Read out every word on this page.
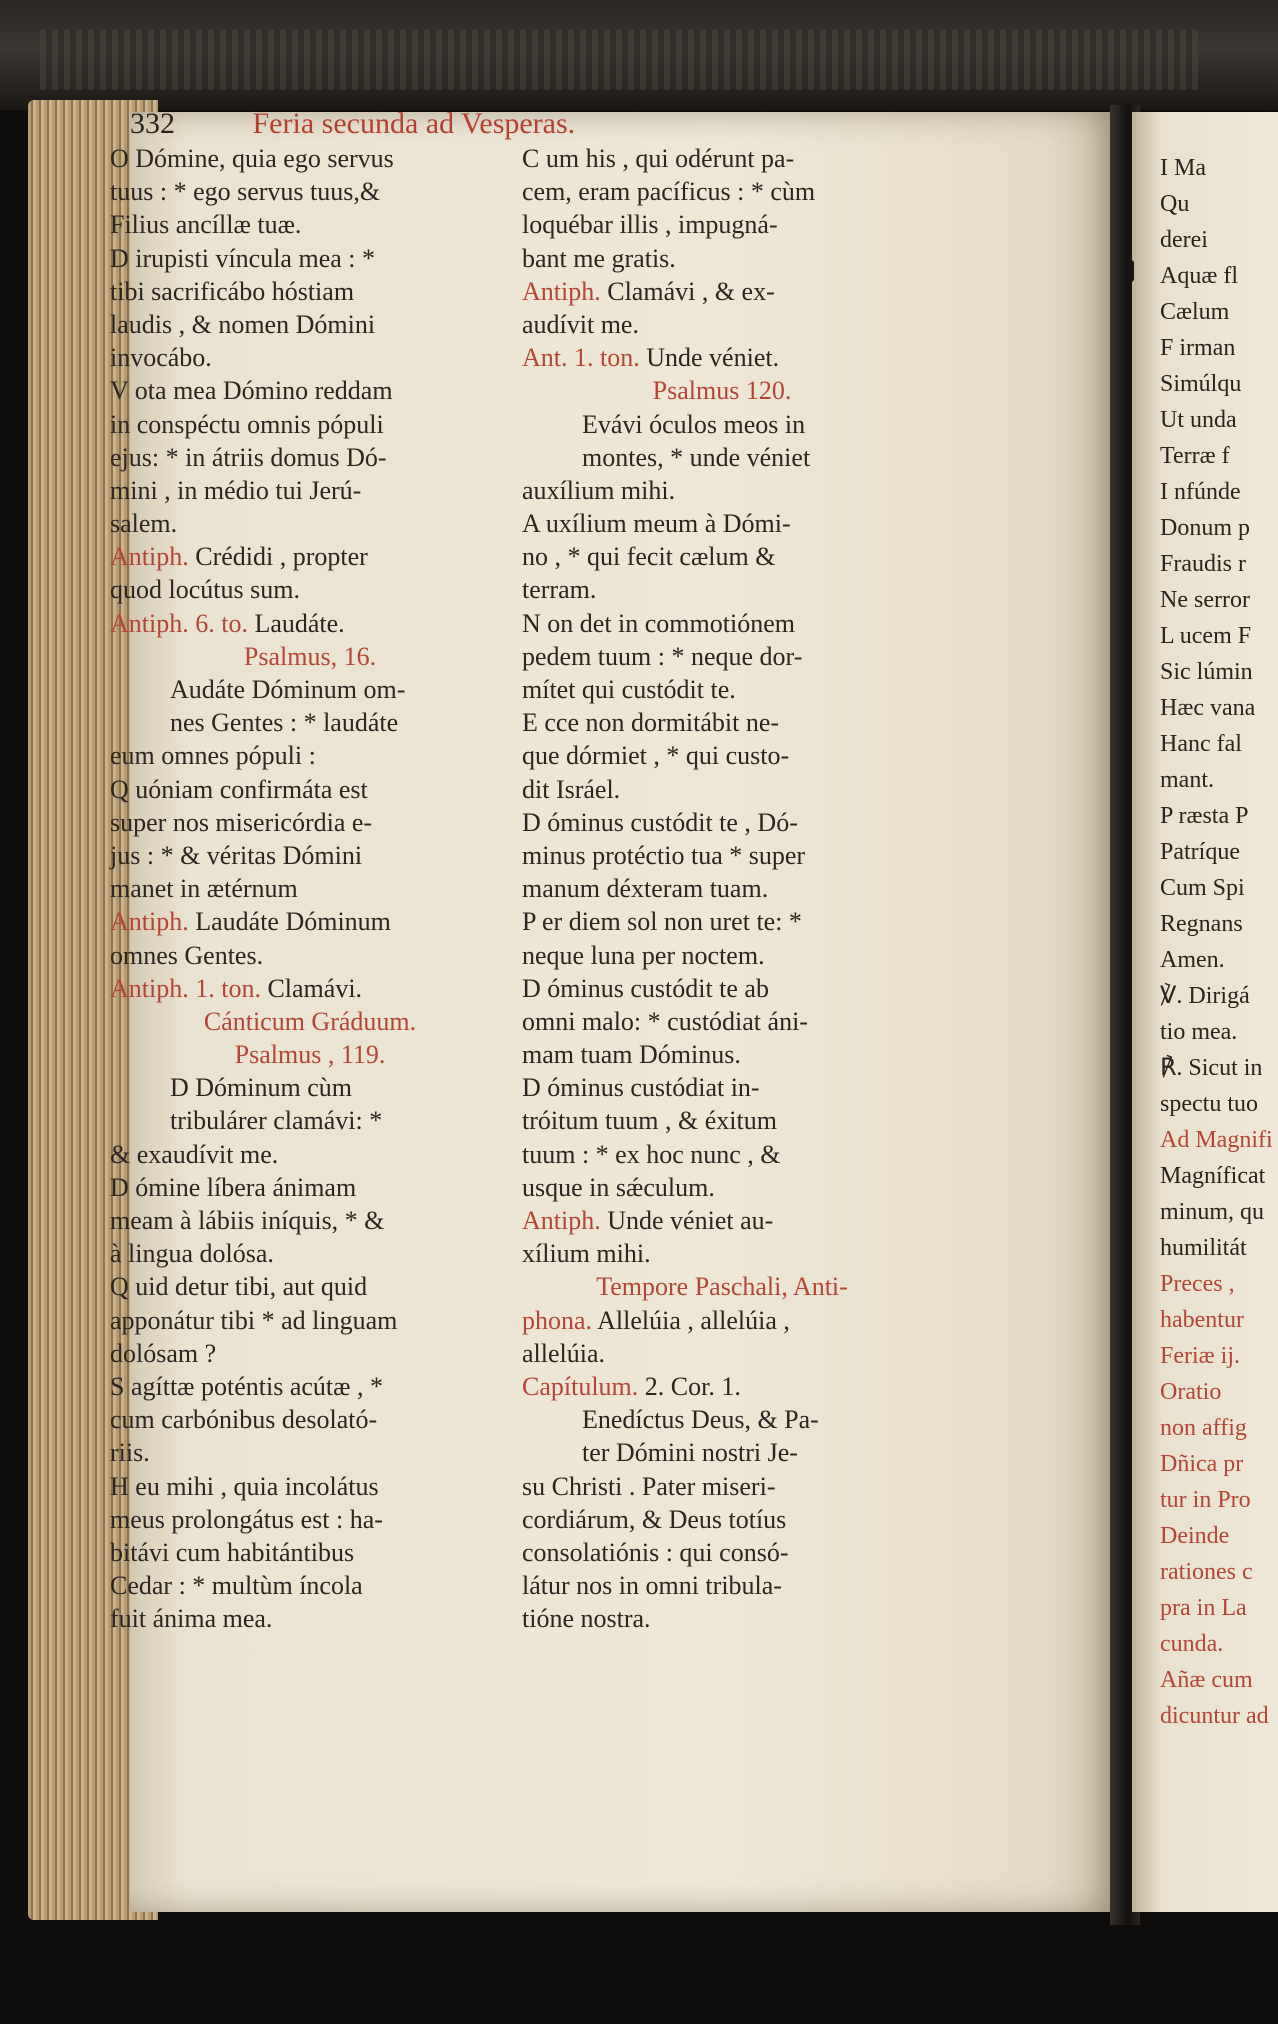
332	Feria secunda ad Vesperas.
O Dómine, quia ego servus
tuus : * ego servus tuus,&
Filius ancíllæ tuæ.
D irupisti víncula mea : *
tibi sacrificábo hóstiam
laudis , & nomen Dómini
invocábo.
V ota mea Dómino reddam
in conspéctu omnis pópuli
ejus: * in átriis domus Dó-
mini , in médio tui Jerú-
salem.
Antiph. Crédidi , propter
quod locútus sum.
Antiph. 6. to. Laudáte.
Psalmus, 16.
Audáte Dóminum om-
nes Gentes : * laudáte
eum omnes pópuli :
Q uóniam confirmáta est
super nos misericórdia e-
jus : * & véritas Dómini
manet in ætérnum
Antiph. Laudáte Dóminum
omnes Gentes.
Antiph. 1. ton. Clamávi.
Cánticum Gráduum.
Psalmus , 119.
D Dóminum cùm
tribulárer clamávi: *
& exaudívit me.
D ómine líbera ánimam
meam à lábiis iníquis, * &
à lingua dolósa.
Q uid detur tibi, aut quid
apponátur tibi * ad linguam
dolósam ?
S agíttæ poténtis acútæ , *
cum carbónibus desolató-
riis.
H eu mihi , quia incolátus
meus prolongátus est : ha-
bitávi cum habitántibus
Cedar : * multùm íncola
fuit ánima mea.
C um his , qui odérunt pa-
cem, eram pacíficus : * cùm
loquébar illis , impugná-
bant me gratis.
Antiph. Clamávi , & ex-
audívit me.
Ant. 1. ton. Unde véniet.
Psalmus 120.
Evávi óculos meos in
montes, * unde véniet
auxílium mihi.
A uxílium meum à Dómi-
no , * qui fecit cælum &
terram.
N on det in commotiónem
pedem tuum : * neque dor-
mítet qui custódit te.
E cce non dormitábit ne-
que dórmiet , * qui custo-
dit Isráel.
D óminus custódit te , Dó-
minus protéctio tua * super
manum déxteram tuam.
P er diem sol non uret te: *
neque luna per noctem.
D óminus custódit te ab
omni malo: * custódiat áni-
mam tuam Dóminus.
D óminus custódiat in-
tróitum tuum , & éxitum
tuum : * ex hoc nunc , &
usque in sǽculum.
Antiph. Unde véniet au-
xílium mihi.
Tempore Paschali, Anti-
phona. Allelúia , allelúia ,
allelúia.
Capítulum. 2. Cor. 1.
Enedíctus Deus, & Pa-
ter Dómini nostri Je-
su Christi . Pater miseri-
cordiárum, & Deus totíus
consolatiónis : qui consó-
látur nos in omni tribula-
tióne nostra.
I Ma
Qu
derei
Aquæ fl
Cælum
F irman
Simúlqu
Ut unda
Terræ f
I nfúnde
Donum p
Fraudis r
Ne serror
L ucem F
Sic lúmin
Hæc vana
Hanc fal
mant.
P ræsta P
Patríque
Cum Spi
Regnans
Amen.
℣. Dirigá
tio mea.
℟. Sicut in
spectu tuo
Ad Magnifi
Magníficat
minum, qu
humilitát
Preces ,
habentur
Feriæ ij.
Oratio
non affig
Dñica pr
tur in Pro
Deinde
rationes c
pra in La
cunda.
Añæ cum
dicuntur ad
